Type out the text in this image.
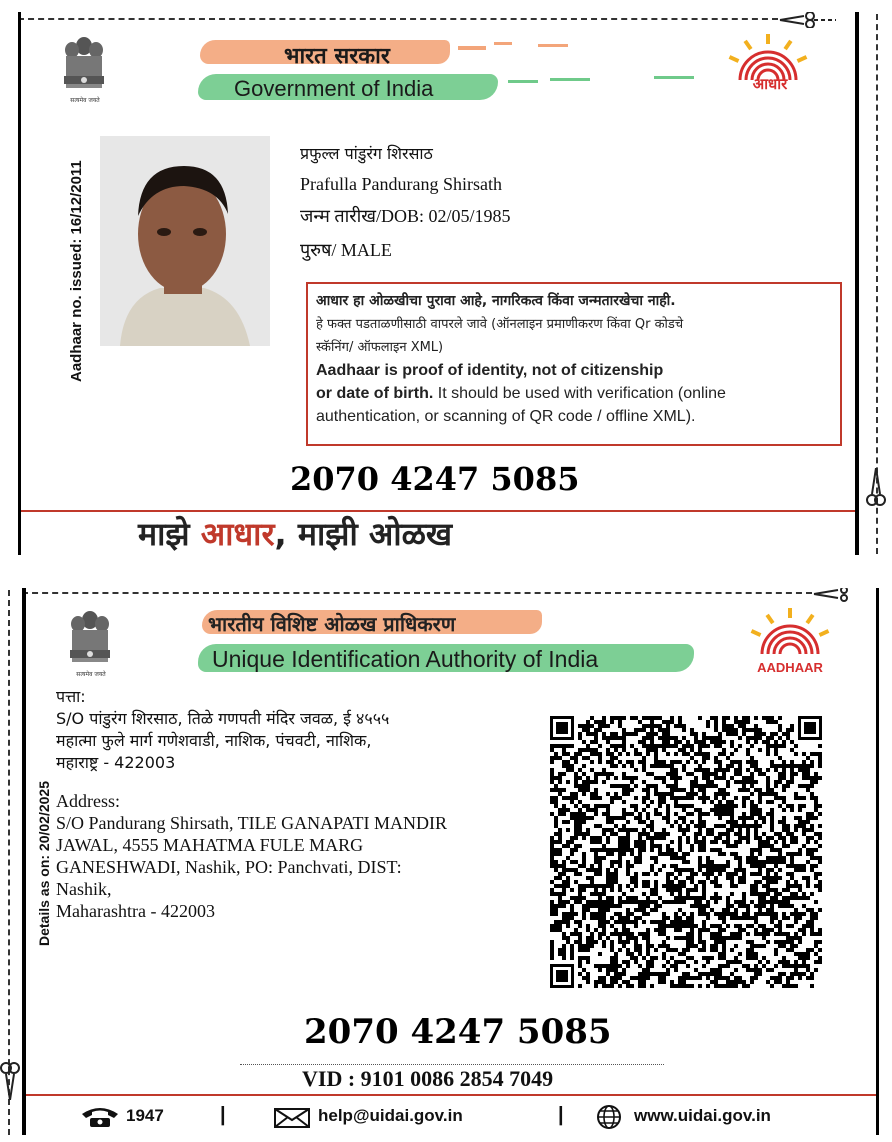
सत्यमेव जयते
भारत सरकार
Government of India	आधार
Aadhaar no. issued: 16/12/2011
प्रफुल्ल पांडुरंग शिरसाठ
Prafulla Pandurang Shirsath
जन्म तारीख/DOB: 02/05/1985
पुरुष/ MALE

आधार हा ओळखीचा पुरावा आहे, नागरिकत्व किंवा जन्मतारखेचा नाही.

हे फक्त पडताळणीसाठी वापरले जावे (ऑनलाइन प्रमाणीकरण किंवा Qr कोडचे

स्कॅनिंग/ ऑफलाइन XML)

Aadhaar is proof of identity, not of citizenship

or date of birth. It should be used with verification (online

authentication, or scanning of QR code / offline XML).

2070 4247 5085
माझे आधार, माझी ओळख
सत्यमेव जयते
भारतीय विशिष्ट ओळख प्राधिकरण
Unique Identification Authority of India	AADHAAR
Details as on: 20/02/2025
पत्ता:
S/O पांडुरंग शिरसाठ, तिळे गणपती मंदिर जवळ, ई ४५५५
महात्मा फुले मार्ग गणेशवाडी, नाशिक, पंचवटी, नाशिक,
महाराष्ट्र - 422003
Address:
S/O Pandurang Shirsath, TILE GANAPATI MANDIR
JAWAL, 4555 MAHATMA FULE MARG
GANESHWADI, Nashik, PO: Panchvati, DIST:
Nashik,
Maharashtra - 422003
2070 4247 5085
VID : 9101 0086 2854 7049
1947	|	help@uidai.gov.in	|	www.uidai.gov.in
